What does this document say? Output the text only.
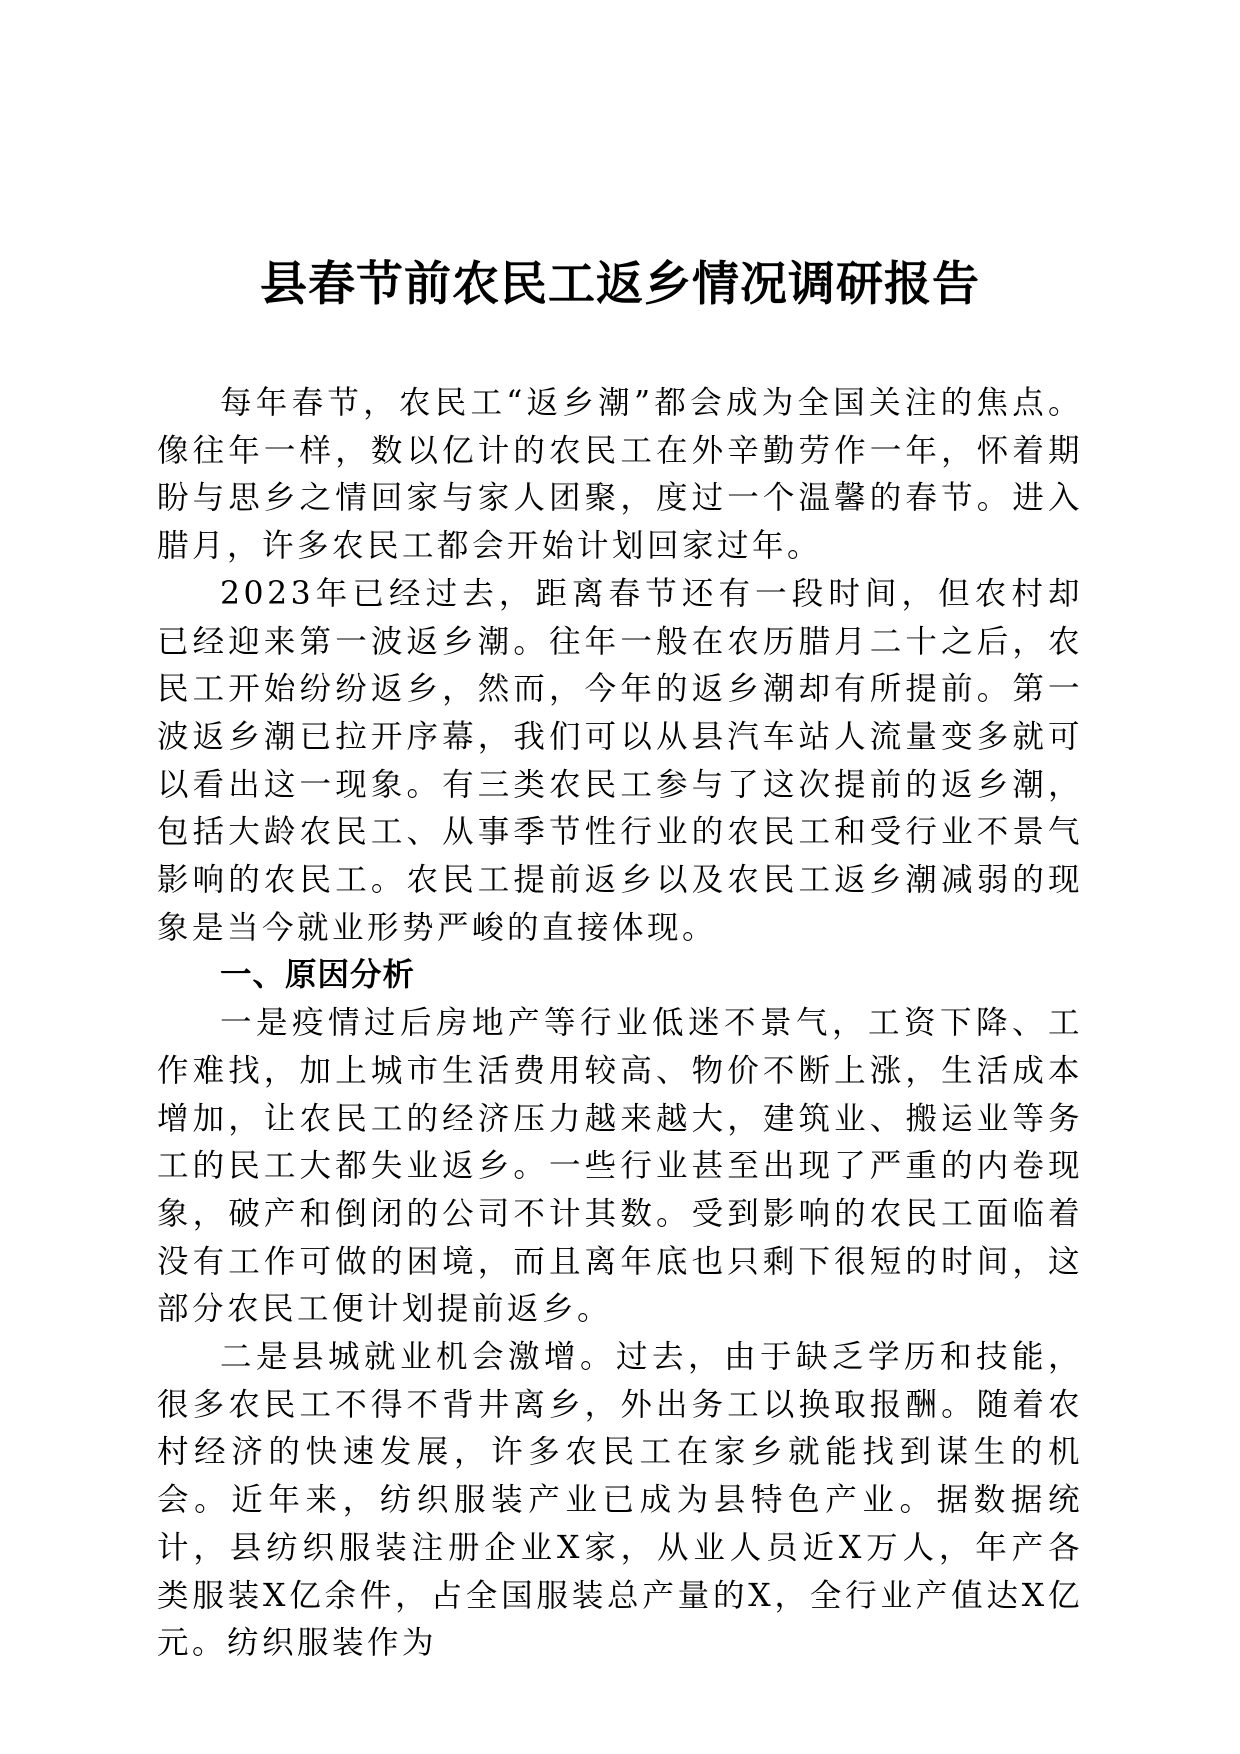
县春节前农民工返乡情况调研报告

每年春节，农民工“返乡潮”都会成为全国关注的焦点。像往年一样，数以亿计的农民工在外辛勤劳作一年，怀着期盼与思乡之情回家与家人团聚，度过一个温馨的春节。进入腊月，许多农民工都会开始计划回家过年。

2023年已经过去，距离春节还有一段时间，但农村却已经迎来第一波返乡潮。往年一般在农历腊月二十之后，农民工开始纷纷返乡，然而，今年的返乡潮却有所提前。第一波返乡潮已拉开序幕，我们可以从县汽车站人流量变多就可以看出这一现象。有三类农民工参与了这次提前的返乡潮，包括大龄农民工、从事季节性行业的农民工和受行业不景气影响的农民工。农民工提前返乡以及农民工返乡潮减弱的现象是当今就业形势严峻的直接体现。

一、原因分析

一是疫情过后房地产等行业低迷不景气，工资下降、工作难找，加上城市生活费用较高、物价不断上涨，生活成本增加，让农民工的经济压力越来越大，建筑业、搬运业等务工的民工大都失业返乡。一些行业甚至出现了严重的内卷现象，破产和倒闭的公司不计其数。受到影响的农民工面临着没有工作可做的困境，而且离年底也只剩下很短的时间，这部分农民工便计划提前返乡。

二是县城就业机会激增。过去，由于缺乏学历和技能，很多农民工不得不背井离乡，外出务工以换取报酬。随着农村经济的快速发展，许多农民工在家乡就能找到谋生的机会。近年来，纺织服装产业已成为县特色产业。据数据统计，县纺织服装注册企业X家，从业人员近X万人，年产各类服装X亿余件，占全国服装总产量的X，全行业产值达X亿元。纺织服装作为
